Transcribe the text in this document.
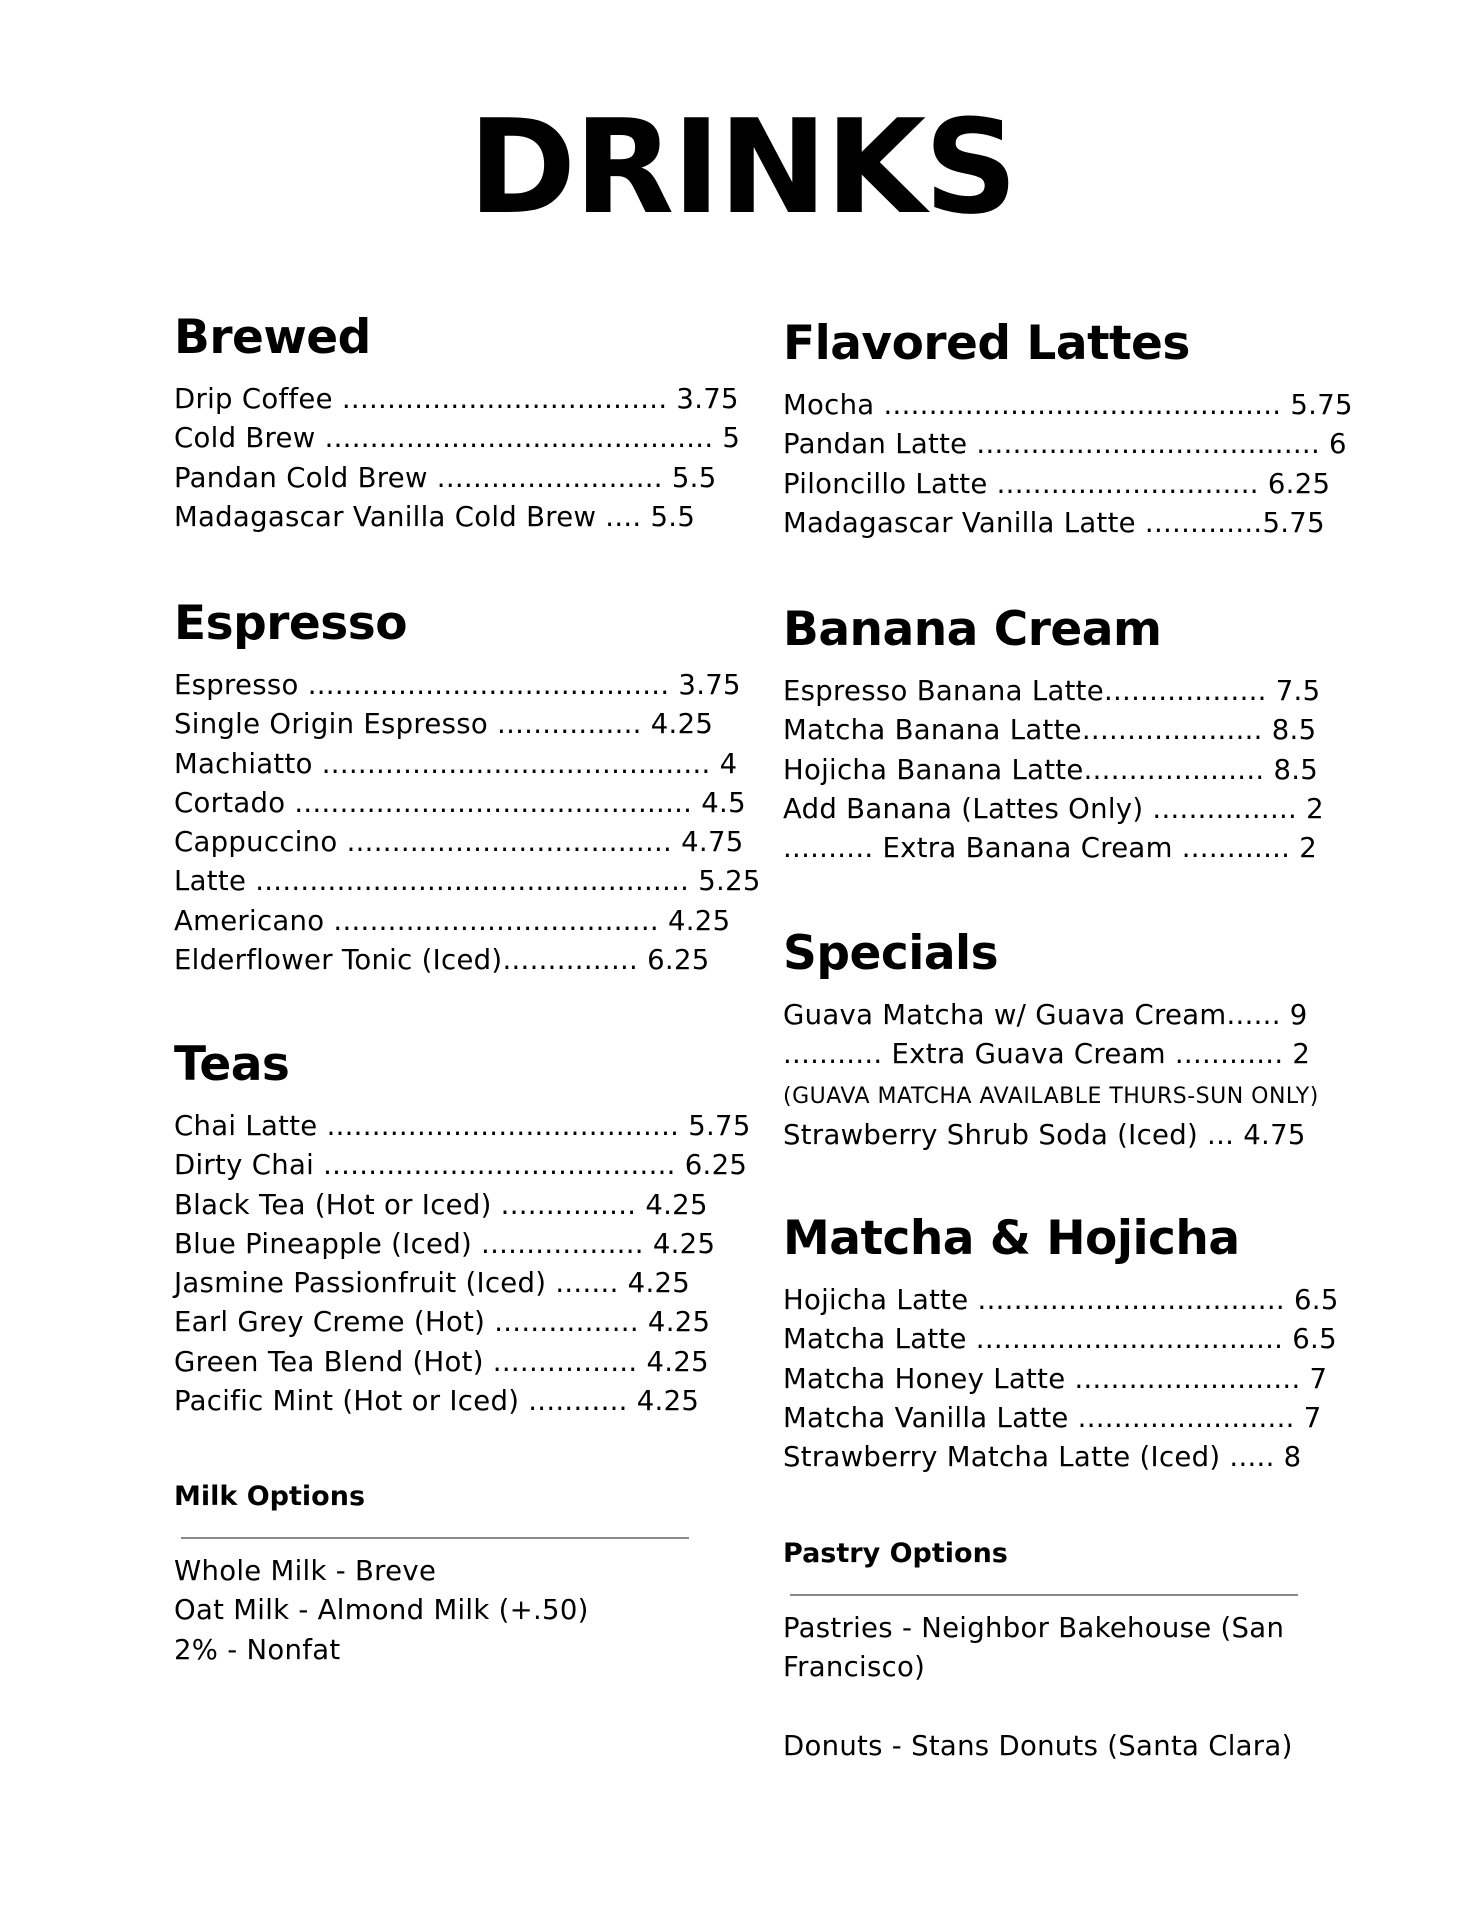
DRINKS
Brewed
Drip Coffee .................................... 3.75
Cold Brew ........................................... 5
Pandan Cold Brew ......................... 5.5
Madagascar Vanilla Cold Brew .... 5.5
Espresso
Espresso ........................................ 3.75
Single Origin Espresso ................ 4.25
Machiatto ........................................... 4
Cortado ............................................ 4.5
Cappuccino .................................... 4.75
Latte ................................................ 5.25
Americano .................................... 4.25
Elderflower Tonic (Iced)............... 6.25
Teas
Chai Latte ....................................... 5.75
Dirty Chai ....................................... 6.25
Black Tea (Hot or Iced) ............... 4.25
Blue Pineapple (Iced) .................. 4.25
Jasmine Passionfruit (Iced) ....... 4.25
Earl Grey Creme (Hot) ................ 4.25
Green Tea Blend (Hot) ................ 4.25
Pacific Mint (Hot or Iced) ........... 4.25
Milk Options
Whole Milk - Breve
Oat Milk - Almond Milk (+.50)
2% - Nonfat
Flavored Lattes
Mocha ............................................ 5.75
Pandan Latte ...................................... 6
Piloncillo Latte ............................. 6.25
Madagascar Vanilla Latte .............5.75
Banana Cream
Espresso Banana Latte.................. 7.5
Matcha Banana Latte.................... 8.5
Hojicha Banana Latte.................... 8.5
Add Banana (Lattes Only) ................ 2
.......... Extra Banana Cream ............ 2
Specials
Guava Matcha w/ Guava Cream...... 9
........... Extra Guava Cream ............ 2
(GUAVA MATCHA AVAILABLE THURS-SUN ONLY)
Strawberry Shrub Soda (Iced) ... 4.75
Matcha & Hojicha
Hojicha Latte .................................. 6.5
Matcha Latte .................................. 6.5
Matcha Honey Latte ......................... 7
Matcha Vanilla Latte ........................ 7
Strawberry Matcha Latte (Iced) ..... 8
Pastry Options
Pastries - Neighbor Bakehouse (San Francisco)
Donuts - Stans Donuts (Santa Clara)
